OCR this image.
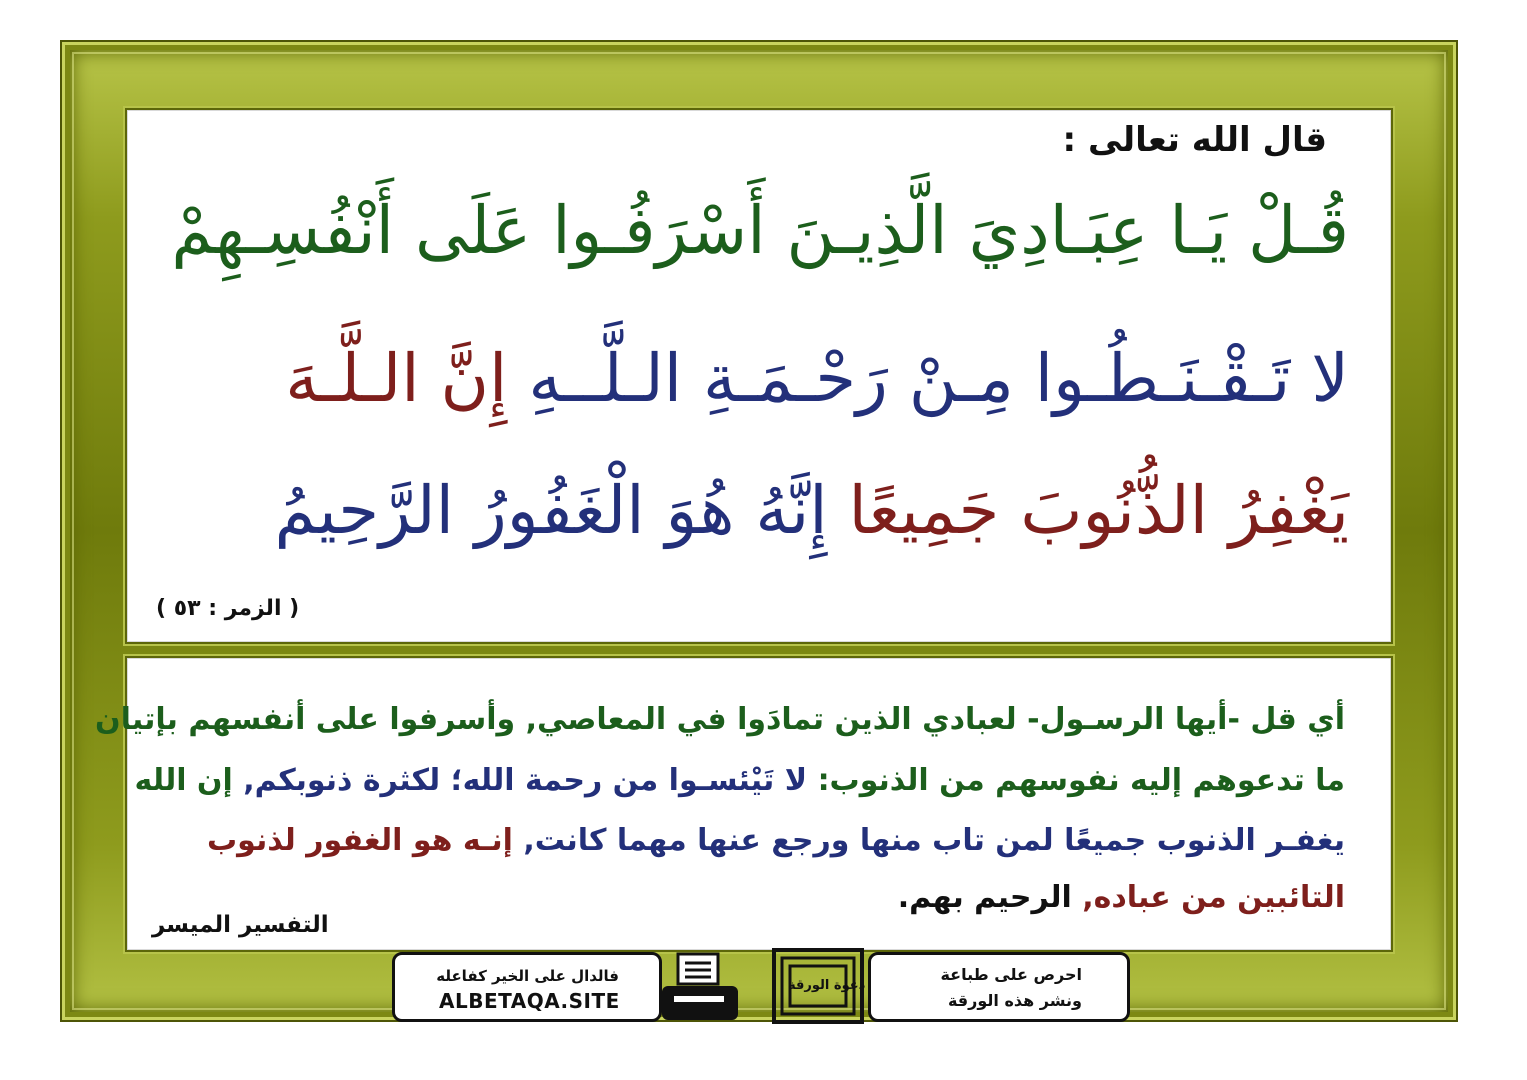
قال الله تعالى :
قُـلْ يَـا عِبَـادِيَ الَّذِيـنَ أَسْرَفُـوا عَلَى أَنْفُسِـهِمْ
لا تَـقْـنَـطُـوا مِـنْ رَحْـمَـةِ الـلَّــهِ إِنَّ الـلَّـهَ
يَغْفِرُ الذُّنُوبَ جَمِيعًا إِنَّهُ هُوَ الْغَفُورُ الرَّحِيمُ
( الزمر : ٥٣ )
أي قل -أيها الرسـول- لعبادي الذين تمادَوا في المعاصي, وأسرفوا على أنفسهم بإتيان
ما تدعوهم إليه نفوسهم من الذنوب: لا تَيْئسـوا من رحمة الله؛ لكثرة ذنوبكم, إن الله
يغفـر الذنوب جميعًا لمن تاب منها ورجع عنها مهما كانت, إنـه هو الغفور لذنوب
التائبين من عباده, الرحيم بهم.
التفسير الميسر
فالدال على الخير كفاعله
ALBETAQA.SITE
دعوة الورقة
احرص على طباعة
ونشر هذه الورقة
